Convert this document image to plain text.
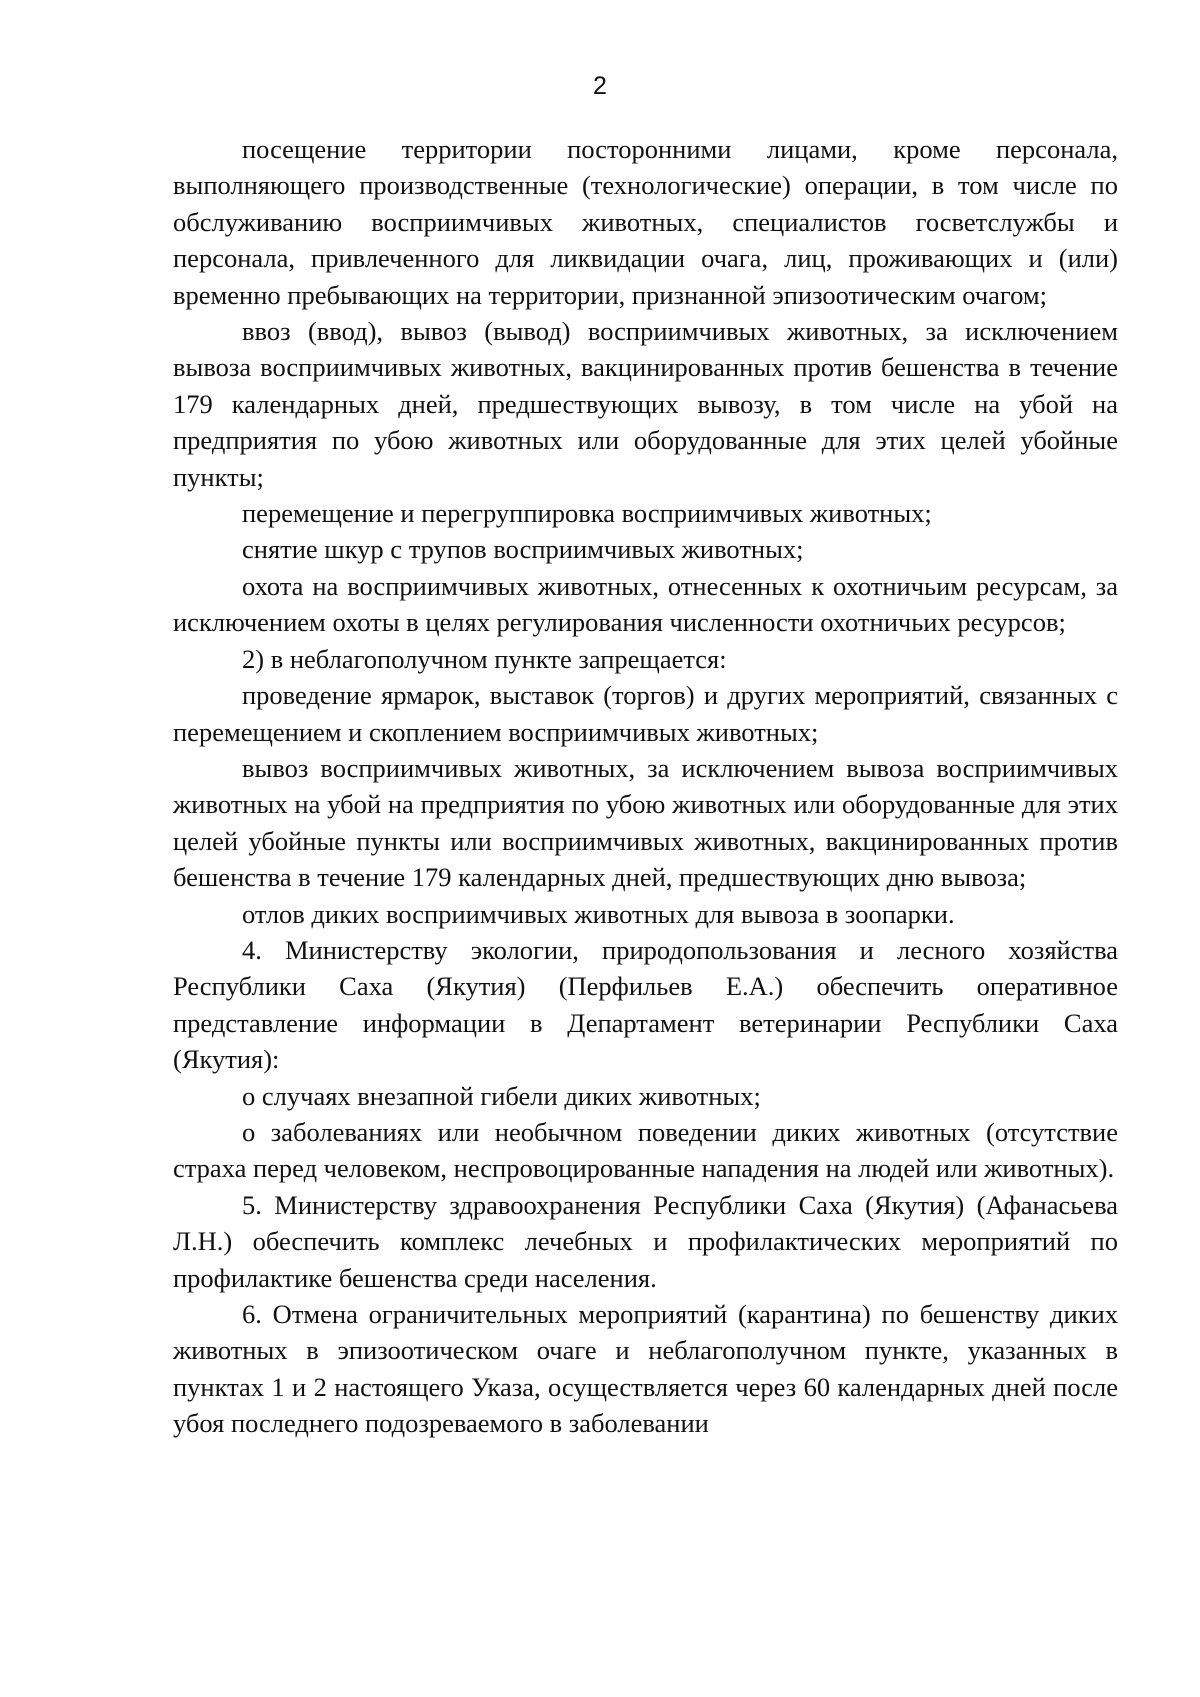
2

посещение территории посторонними лицами, кроме персонала, выполняющего производственные (технологические) операции, в том числе по обслуживанию восприимчивых животных, специалистов госветслужбы и персонала, привлеченного для ликвидации очага, лиц, проживающих и (или) временно пребывающих на территории, признанной эпизоотическим очагом;

ввоз (ввод), вывоз (вывод) восприимчивых животных, за исключением вывоза восприимчивых животных, вакцинированных против бешенства в течение 179 календарных дней, предшествующих вывозу, в том числе на убой на предприятия по убою животных или оборудованные для этих целей убойные пункты;

перемещение и перегруппировка восприимчивых животных;

снятие шкур с трупов восприимчивых животных;

охота на восприимчивых животных, отнесенных к охотничьим ресурсам, за исключением охоты в целях регулирования численности охотничьих ресурсов;

2) в неблагополучном пункте запрещается:

проведение ярмарок, выставок (торгов) и других мероприятий, связанных с перемещением и скоплением восприимчивых животных;

вывоз восприимчивых животных, за исключением вывоза восприимчивых животных на убой на предприятия по убою животных или оборудованные для этих целей убойные пункты или восприимчивых животных, вакцинированных против бешенства в течение 179 календарных дней, предшествующих дню вывоза;

отлов диких восприимчивых животных для вывоза в зоопарки.

4. Министерству экологии, природопользования и лесного хозяйства Республики Саха (Якутия) (Перфильев Е.А.) обеспечить оперативное представление информации в Департамент ветеринарии Республики Саха (Якутия):

о случаях внезапной гибели диких животных;

о заболеваниях или необычном поведении диких животных (отсутствие страха перед человеком, неспровоцированные нападения на людей или животных).

5. Министерству здравоохранения Республики Саха (Якутия) (Афанасьева Л.Н.) обеспечить комплекс лечебных и профилактических мероприятий по профилактике бешенства среди населения.

6. Отмена ограничительных мероприятий (карантина) по бешенству диких животных в эпизоотическом очаге и неблагополучном пункте, указанных в пунктах 1 и 2 настоящего Указа, осуществляется через 60 календарных дней после убоя последнего подозреваемого в заболевании
